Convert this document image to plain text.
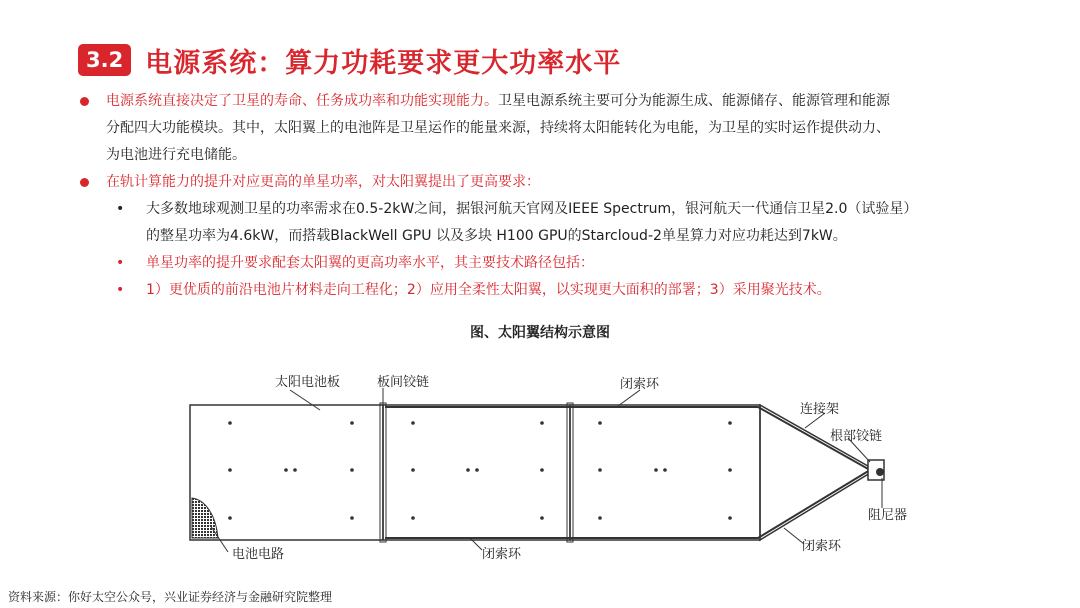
3.2 电源系统：算力功耗要求更大功率水平
电源系统直接决定了卫星的寿命、任务成功率和功能实现能力。卫星电源系统主要可分为能源生成、能源储存、能源管理和能源
分配四大功能模块。其中，太阳翼上的电池阵是卫星运作的能量来源，持续将太阳能转化为电能，为卫星的实时运作提供动力、
为电池进行充电储能。
在轨计算能力的提升对应更高的单星功率，对太阳翼提出了更高要求：
• 大多数地球观测卫星的功率需求在0.5-2kW之间，据银河航天官网及IEEE Spectrum，银河航天一代通信卫星2.0（试验星）
的整星功率为4.6kW，而搭载BlackWell GPU 以及多块 H100 GPU的Starcloud-2单星算力对应功耗达到7kW。
• 单星功率的提升要求配套太阳翼的更高功率水平，其主要技术路径包括：
• 1）更优质的前沿电池片材料走向工程化；2）应用全柔性太阳翼，以实现更大面积的部署；3）采用聚光技术。
图、太阳翼结构示意图
太阳电池板	板间铰链	闭索环
连接架
根部铰链
阻尼器
电池电路	闭索环
闭索环
资料来源：你好太空公众号，兴业证券经济与金融研究院整理
